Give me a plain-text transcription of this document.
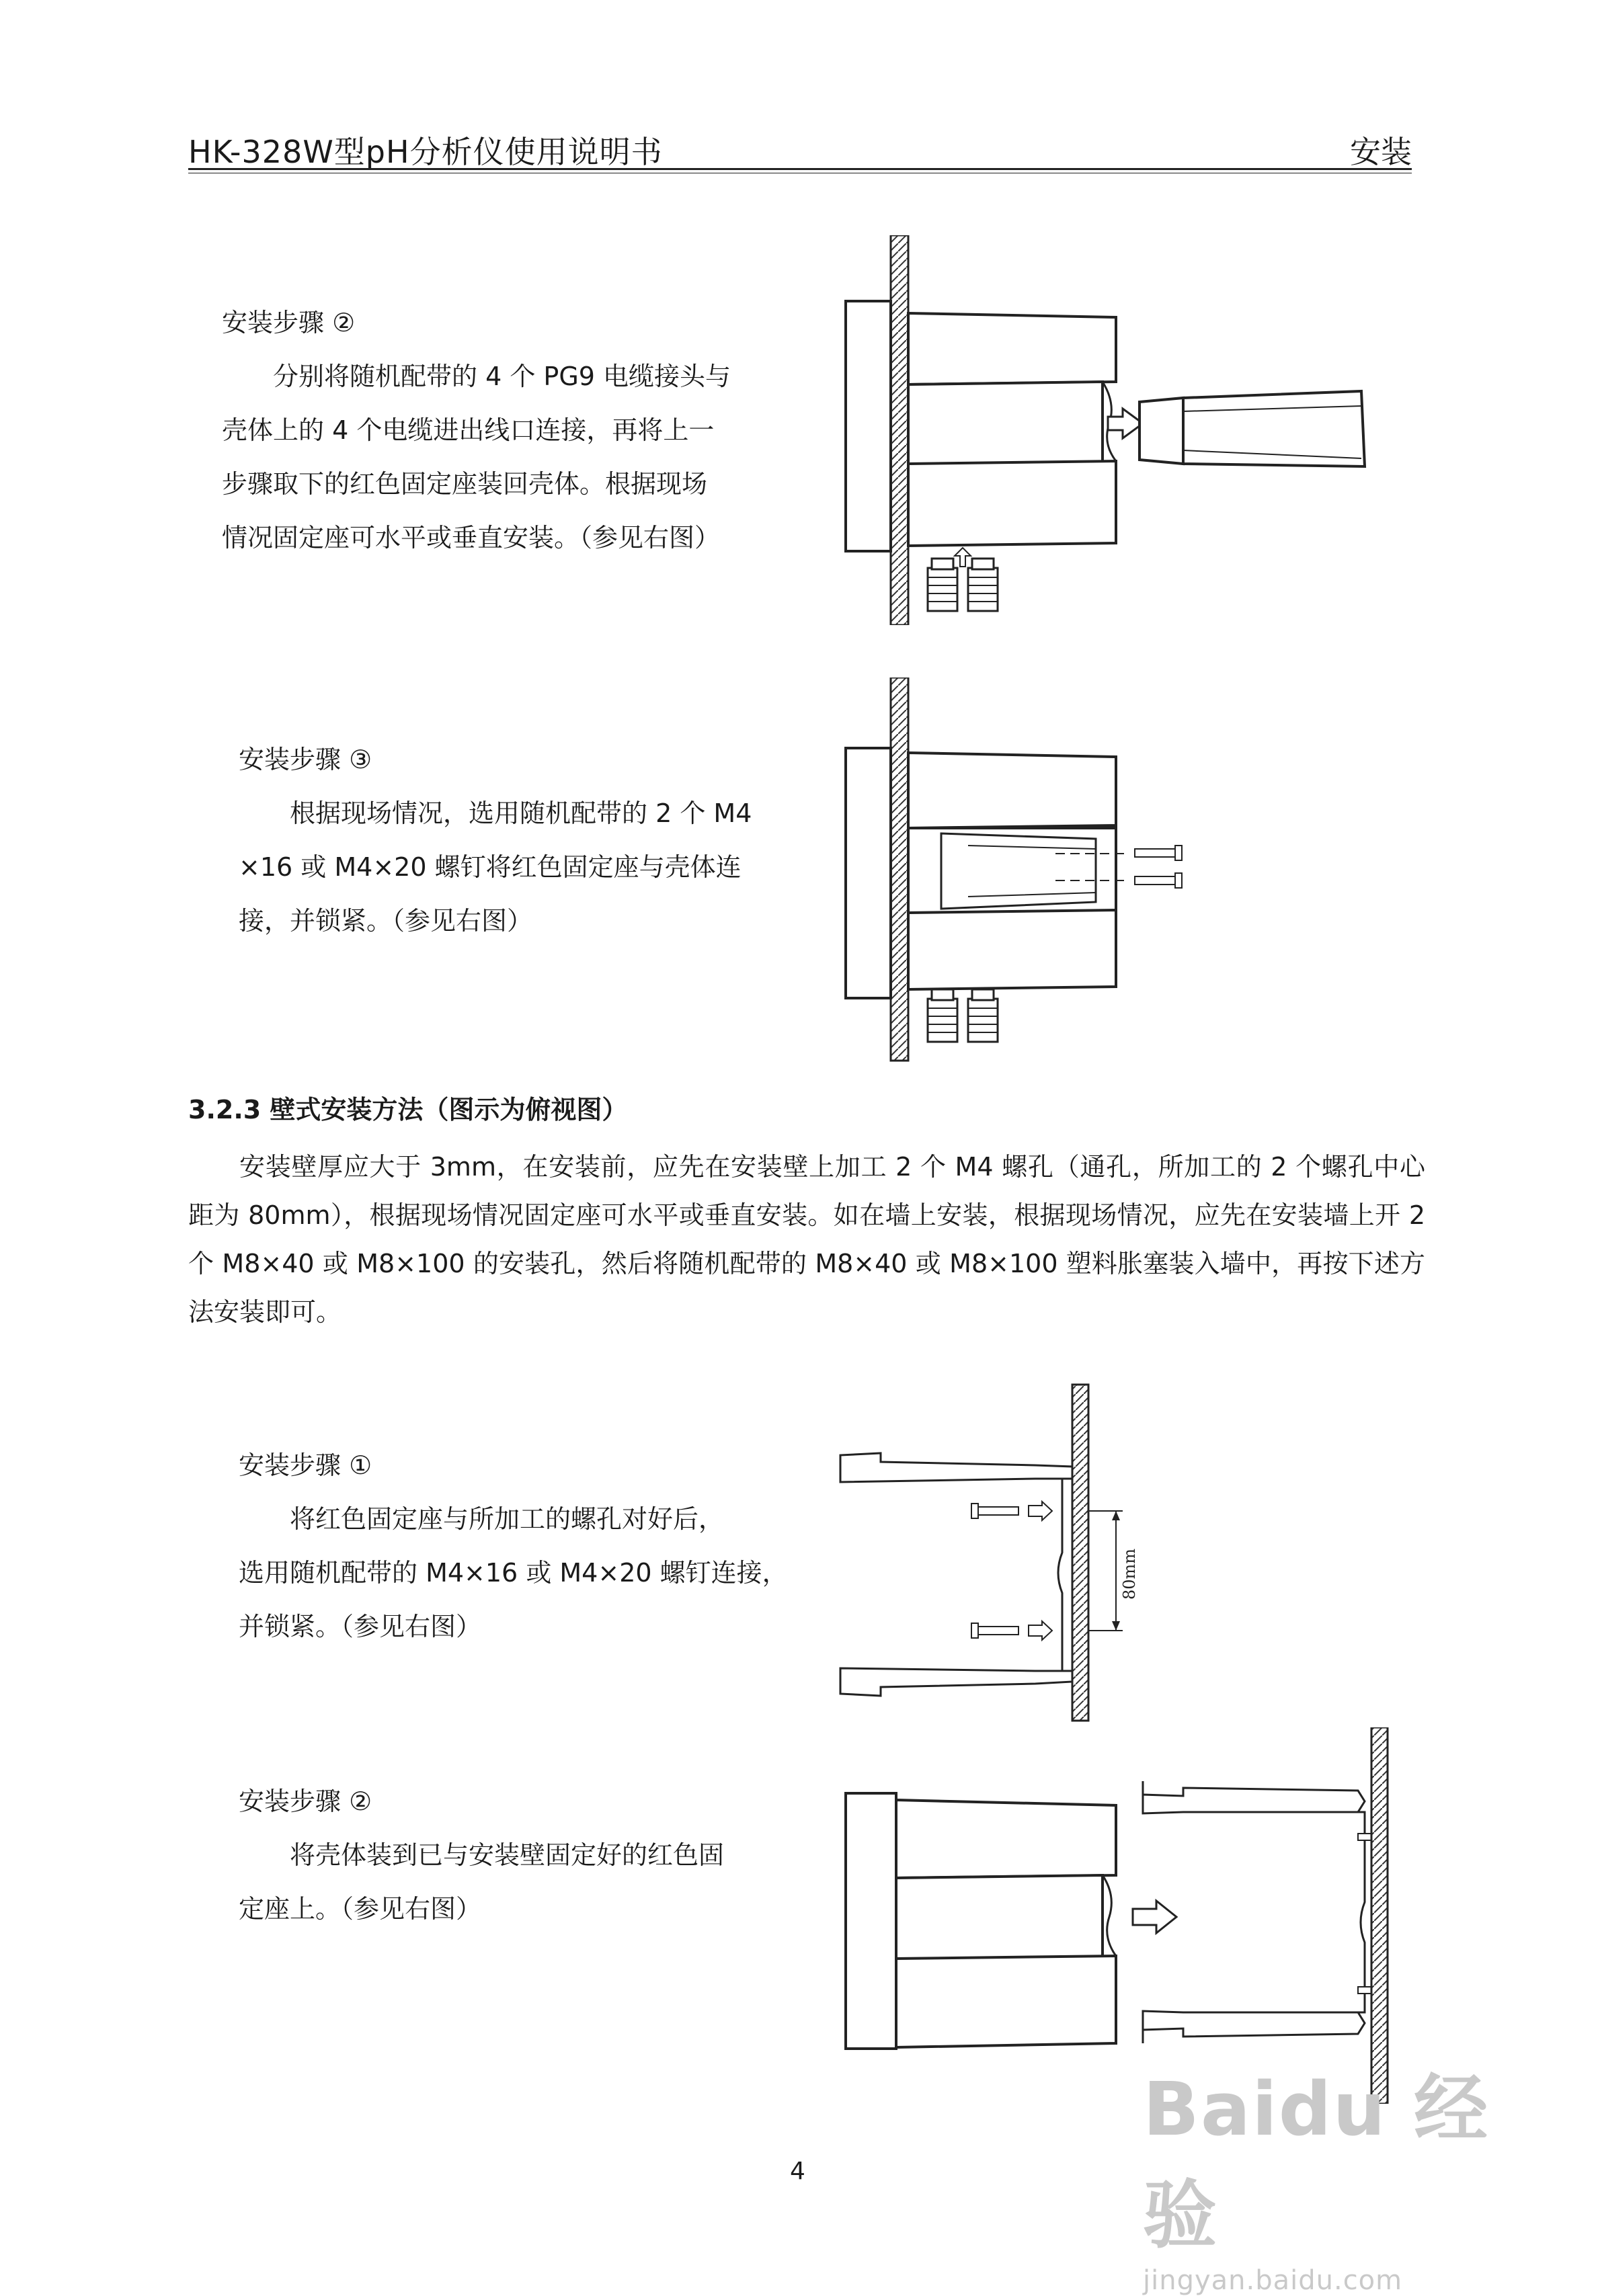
HK-328W型pH分析仪使用说明书	安装

安装步骤 ②

分别将随机配带的 4 个 PG9 电缆接头与

壳体上的 4 个电缆进出线口连接，再将上一

步骤取下的红色固定座装回壳体。根据现场

情况固定座可水平或垂直安装。（参见右图）

安装步骤 ③

根据现场情况，选用随机配带的 2 个 M4

×16 或 M4×20 螺钉将红色固定座与壳体连

接，并锁紧。（参见右图）

3.2.3 壁式安装方法（图示为俯视图）

安装壁厚应大于 3mm，在安装前，应先在安装壁上加工 2 个 M4 螺孔（通孔，所加工的 2 个螺孔中心距为 80mm），根据现场情况固定座可水平或垂直安装。如在墙上安装，根据现场情况，应先在安装墙上开 2 个 M8×40 或 M8×100 的安装孔，然后将随机配带的 M8×40 或 M8×100 塑料胀塞装入墙中，再按下述方法安装即可。

安装步骤 ①

将红色固定座与所加工的螺孔对好后，

选用随机配带的 M4×16 或 M4×20 螺钉连接，

并锁紧。（参见右图）

80mm

安装步骤 ②

将壳体装到已与安装壁固定好的红色固

定座上。（参见右图）

4
Baidu 经验
jingyan.baidu.com
